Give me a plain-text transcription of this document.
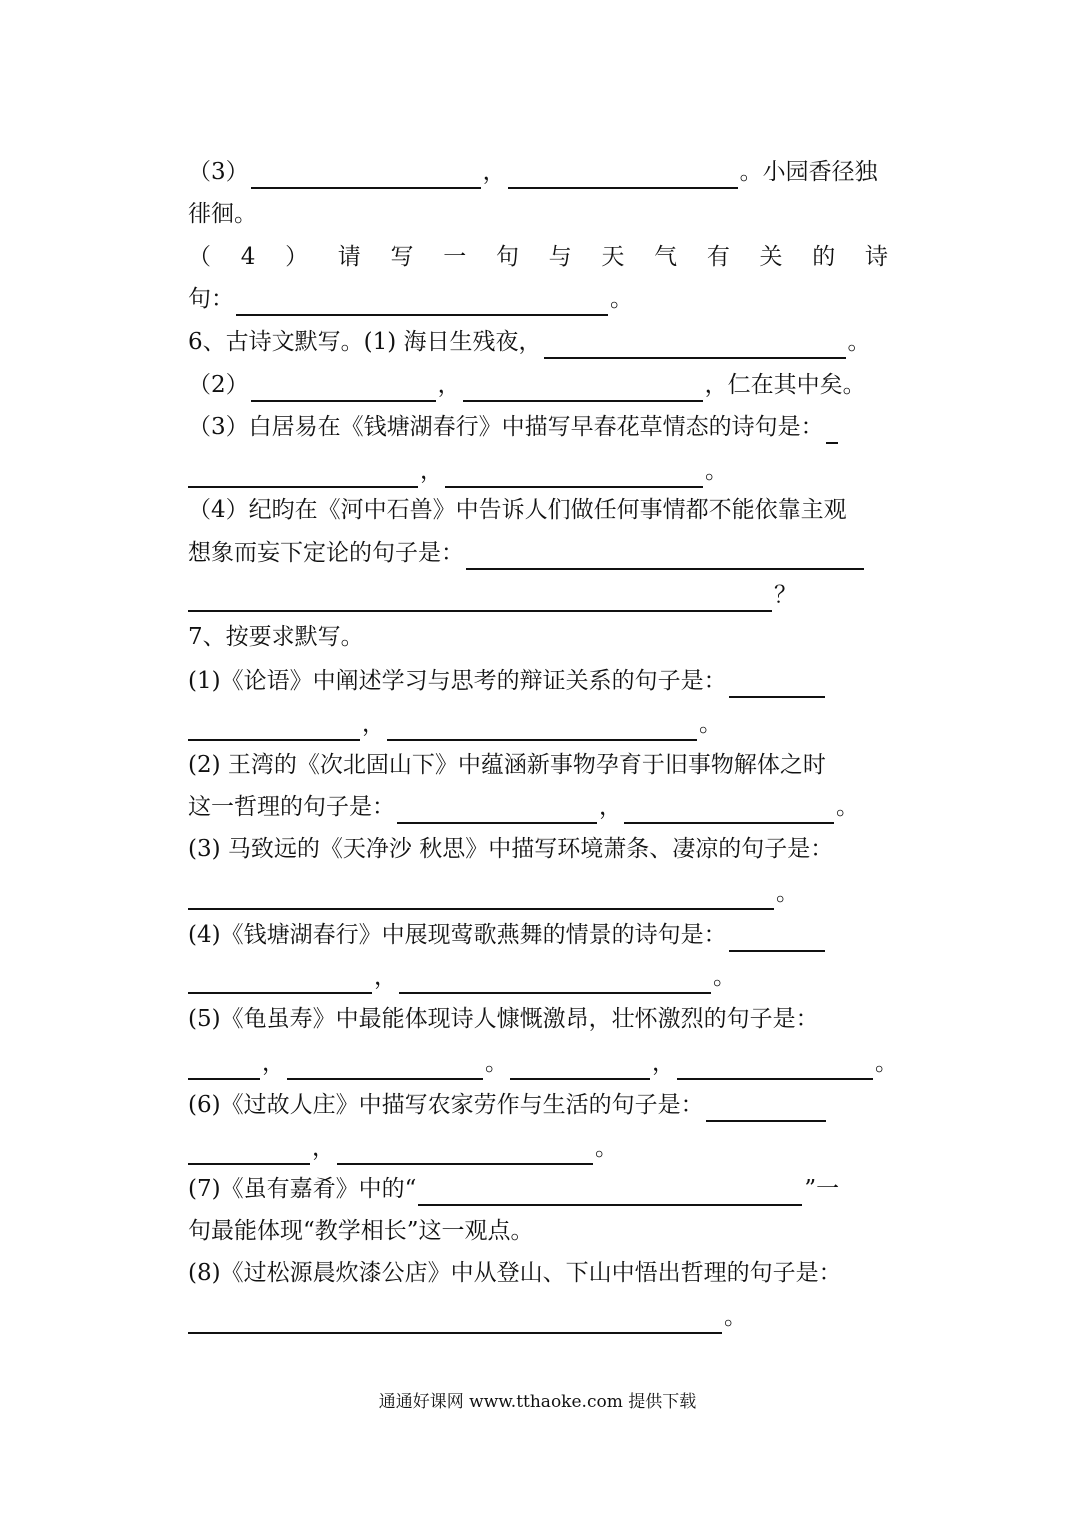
（3）	，	。小园香径独
徘徊。
（ 4 ） 请 写 一 句 与 天 气 有 关 的 诗
句：	。
6、古诗文默写。(1) 海日生残夜，	。
（2）	，	，仁在其中矣。
（3）白居易在《钱塘湖春行》中描写早春花草情态的诗句是：
，	。
（4）纪昀在《河中石兽》中告诉人们做任何事情都不能依靠主观
想象而妄下定论的句子是：
？
7、按要求默写。
(1)《论语》中阐述学习与思考的辩证关系的句子是：
，	。
(2) 王湾的《次北固山下》中蕴涵新事物孕育于旧事物解体之时
这一哲理的句子是：	，	。
(3) 马致远的《天净沙 秋思》中描写环境萧条、凄凉的句子是：
。
(4)《钱塘湖春行》中展现莺歌燕舞的情景的诗句是：
，	。
(5)《龟虽寿》中最能体现诗人慷慨激昂，壮怀激烈的句子是：
，	。	，	。
(6)《过故人庄》中描写农家劳作与生活的句子是：
，	。
(7)《虽有嘉肴》中的“	”一
句最能体现“教学相长”这一观点。
(8)《过松源晨炊漆公店》中从登山、下山中悟出哲理的句子是：
。
通通好课网 www.tthaoke.com 提供下载
